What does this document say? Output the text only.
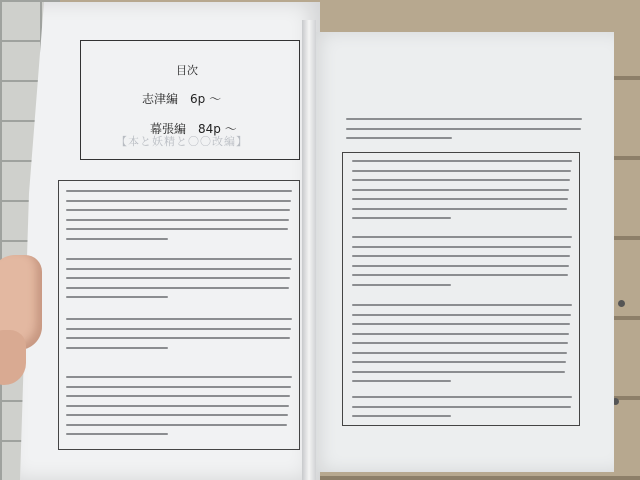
目次
志津編　6p ～
幕張編　84p ～
【本と妖精と〇〇改編】
